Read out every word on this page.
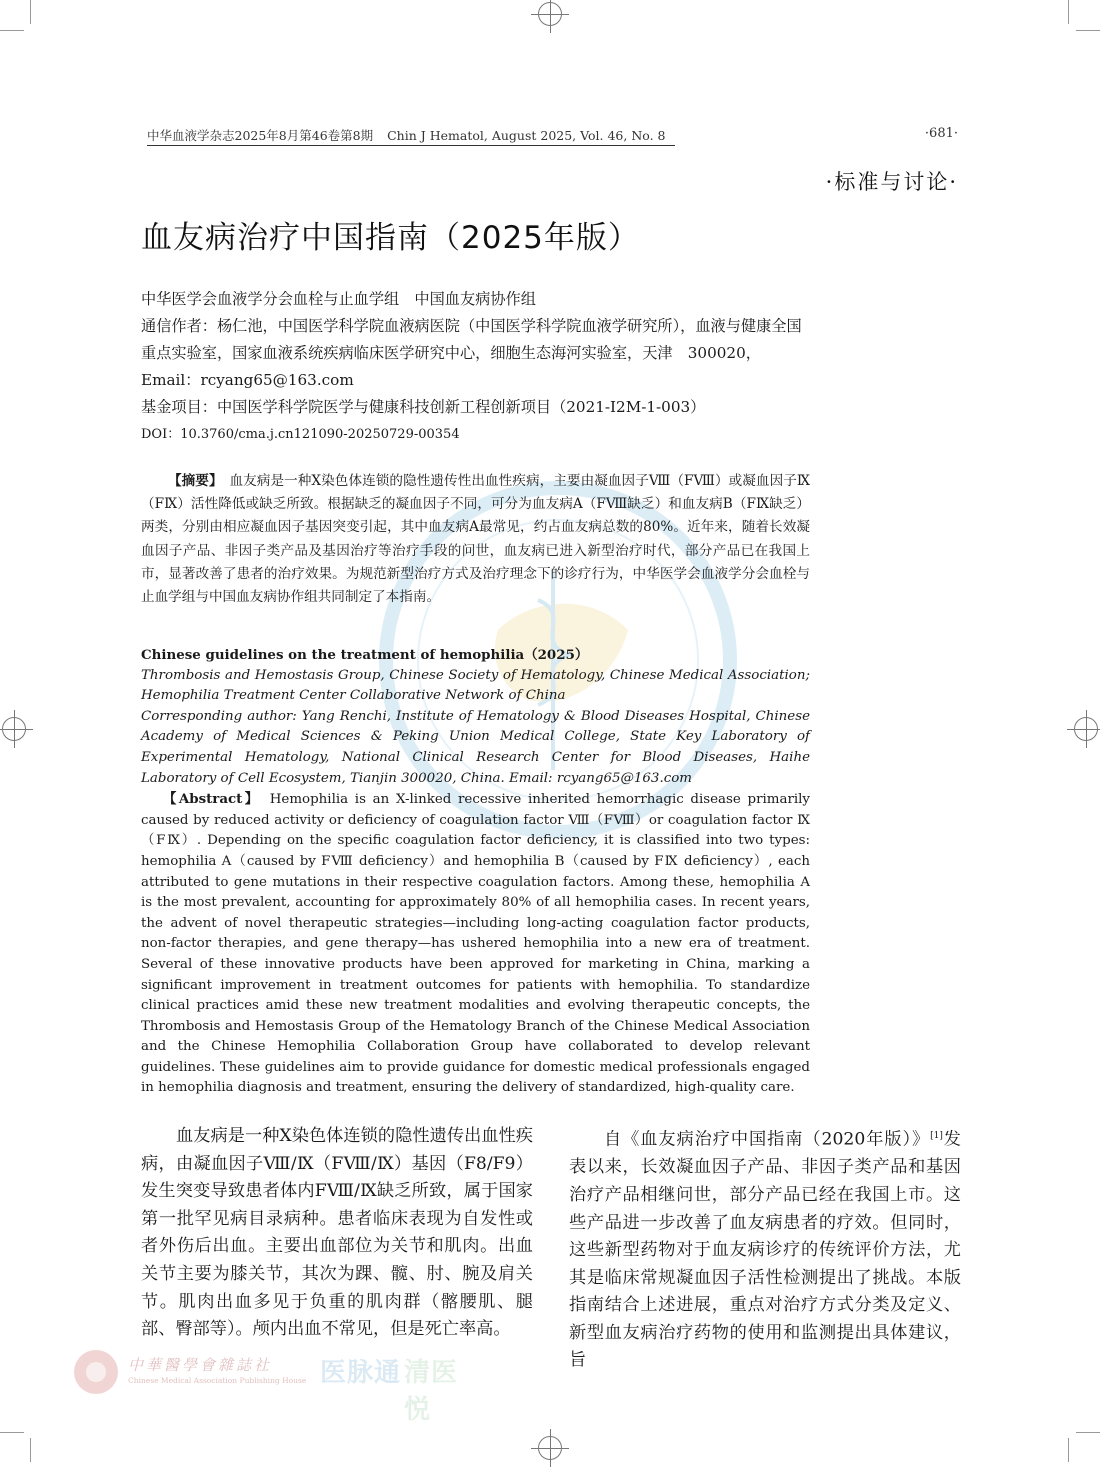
中华血液学杂志2025年8月第46卷第8期 Chin J Hematol, August 2025, Vol. 46, No. 8	·681·
·标准与讨论·
血友病治疗中国指南（2025年版）
中华医学会血液学分会血栓与止血学组　中国血友病协作组
通信作者：杨仁池，中国医学科学院血液病医院（中国医学科学院血液学研究所），血液与健康全国重点实验室，国家血液系统疾病临床医学研究中心，细胞生态海河实验室，天津　300020，Email：rcyang65@163.com
基金项目：中国医学科学院医学与健康科技创新工程创新项目（2021-I2M-1-003）
DOI：10.3760/cma.j.cn121090-20250729-00354
【摘要】　血友病是一种X染色体连锁的隐性遗传性出血性疾病，主要由凝血因子Ⅷ（FⅧ）或凝血因子Ⅸ（FⅨ）活性降低或缺乏所致。根据缺乏的凝血因子不同，可分为血友病A（FⅧ缺乏）和血友病B（FⅨ缺乏）两类，分别由相应凝血因子基因突变引起，其中血友病A最常见，约占血友病总数的80%。近年来，随着长效凝血因子产品、非因子类产品及基因治疗等治疗手段的问世，血友病已进入新型治疗时代，部分产品已在我国上市，显著改善了患者的治疗效果。为规范新型治疗方式及治疗理念下的诊疗行为，中华医学会血液学分会血栓与止血学组与中国血友病协作组共同制定了本指南。
Chinese guidelines on the treatment of hemophilia（2025）
Thrombosis and Hemostasis Group, Chinese Society of Hematology, Chinese Medical Association; Hemophilia Treatment Center Collaborative Network of China
Corresponding author: Yang Renchi, Institute of Hematology & Blood Diseases Hospital, Chinese Academy of Medical Sciences & Peking Union Medical College, State Key Laboratory of Experimental Hematology, National Clinical Research Center for Blood Diseases, Haihe Laboratory of Cell Ecosystem, Tianjin 300020, China. Email: rcyang65@163.com
【Abstract】　Hemophilia is an X-linked recessive inherited hemorrhagic disease primarily caused by reduced activity or deficiency of coagulation factor Ⅷ（FⅧ）or coagulation factor Ⅸ（FⅨ）. Depending on the specific coagulation factor deficiency, it is classified into two types: hemophilia A（caused by FⅧ deficiency）and hemophilia B（caused by FⅨ deficiency）, each attributed to gene mutations in their respective coagulation factors. Among these, hemophilia A is the most prevalent, accounting for approximately 80% of all hemophilia cases. In recent years, the advent of novel therapeutic strategies—including long-acting coagulation factor products, non-factor therapies, and gene therapy—has ushered hemophilia into a new era of treatment. Several of these innovative products have been approved for marketing in China, marking a significant improvement in treatment outcomes for patients with hemophilia. To standardize clinical practices amid these new treatment modalities and evolving therapeutic concepts, the Thrombosis and Hemostasis Group of the Hematology Branch of the Chinese Medical Association and the Chinese Hemophilia Collaboration Group have collaborated to develop relevant guidelines. These guidelines aim to provide guidance for domestic medical professionals engaged in hemophilia diagnosis and treatment, ensuring the delivery of standardized, high-quality care.
血友病是一种X染色体连锁的隐性遗传出血性疾病，由凝血因子Ⅷ/Ⅸ（FⅧ/Ⅸ）基因（F8/F9）发生突变导致患者体内FⅧ/Ⅸ缺乏所致，属于国家第一批罕见病目录病种。患者临床表现为自发性或者外伤后出血。主要出血部位为关节和肌肉。出血关节主要为膝关节，其次为踝、髋、肘、腕及肩关节。肌肉出血多见于负重的肌肉群（髂腰肌、腿部、臀部等）。颅内出血不常见，但是死亡率高。
自《血友病治疗中国指南（2020年版）》[1]发表以来，长效凝血因子产品、非因子类产品和基因治疗产品相继问世，部分产品已经在我国上市。这些产品进一步改善了血友病患者的疗效。但同时，这些新型药物对于血友病诊疗的传统评价方法，尤其是临床常规凝血因子活性检测提出了挑战。本版指南结合上述进展，重点对治疗方式分类及定义、新型血友病治疗药物的使用和监测提出具体建议，旨
中華醫學會雜誌社
Chinese Medical Association Publishing House 医脉通 清医悦
